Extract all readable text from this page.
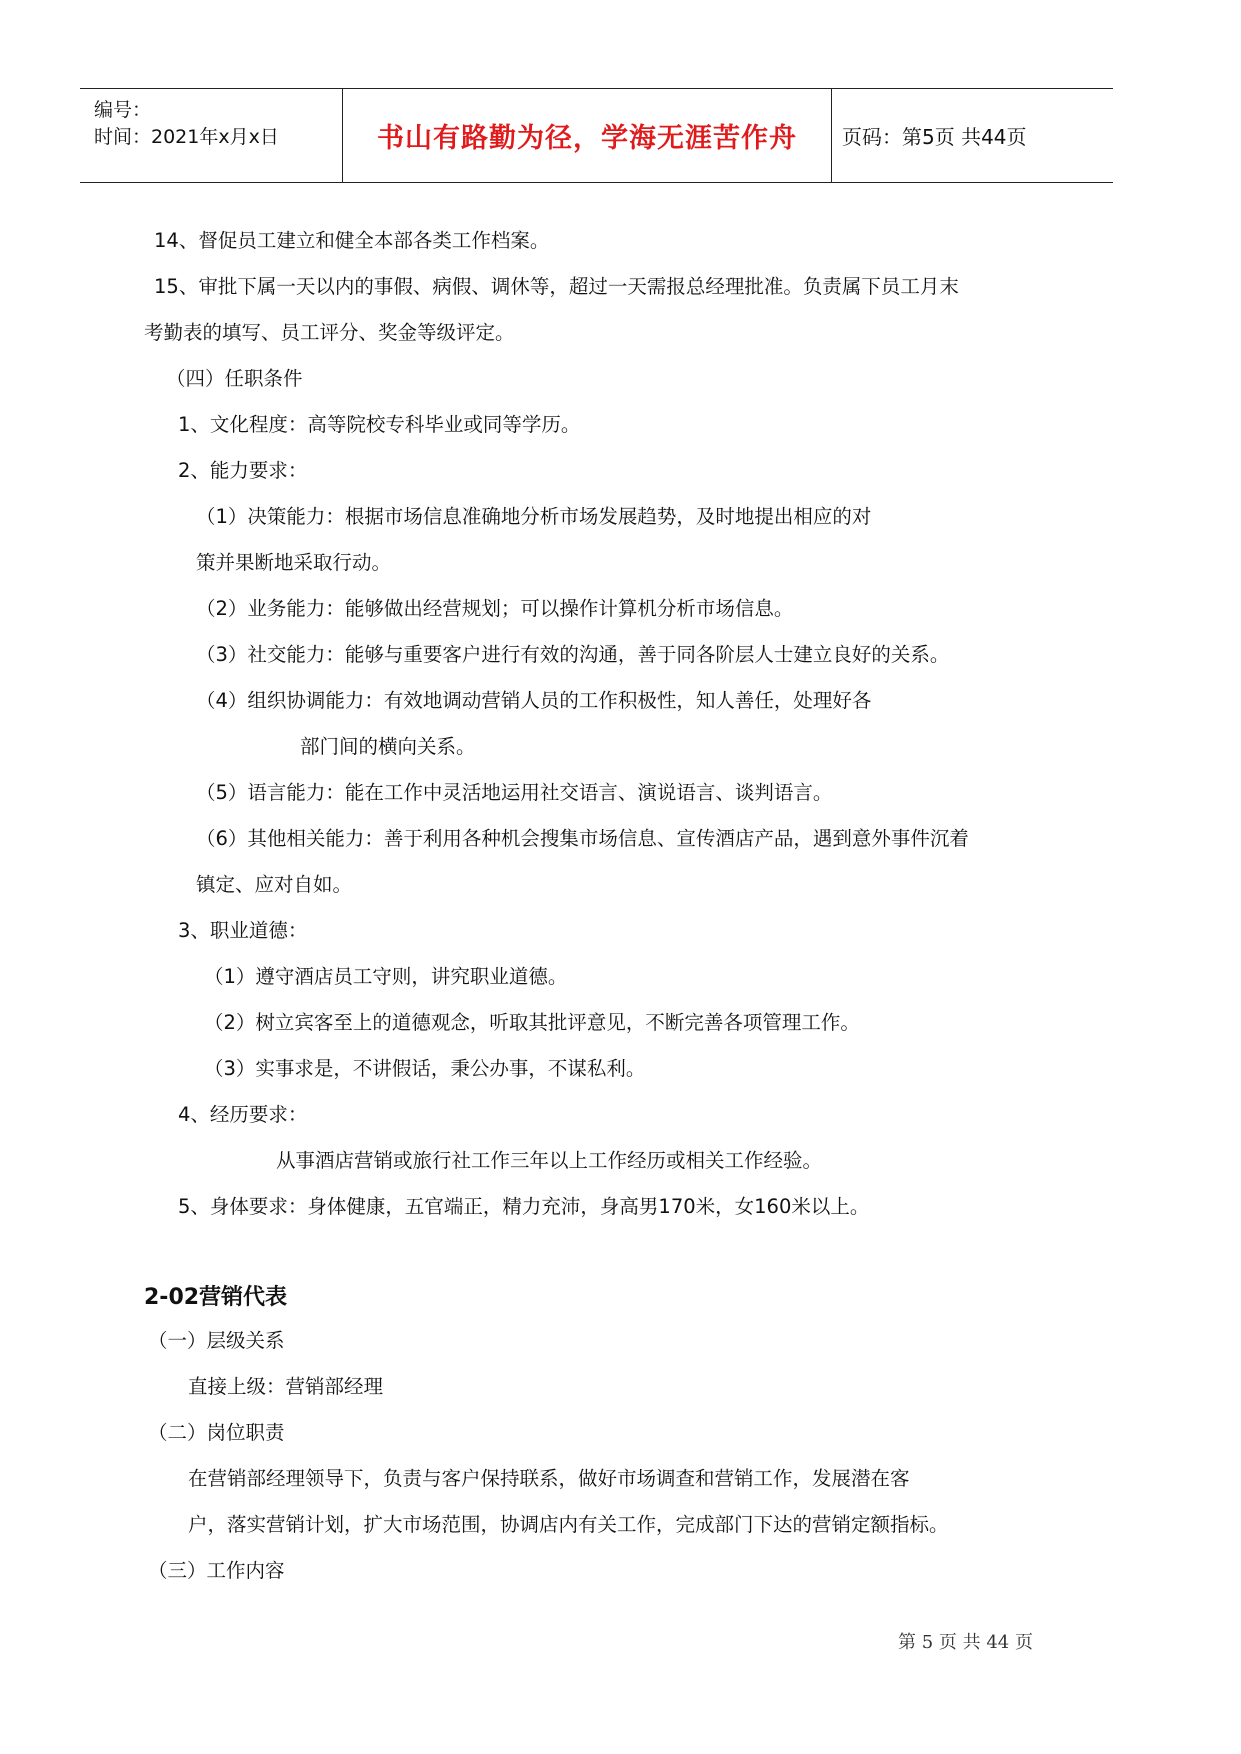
编号：
时间：2021年x月x日	书山有路勤为径，学海无涯苦作舟	页码：第5页 共44页
14、督促员工建立和健全本部各类工作档案。
15、审批下属一天以内的事假、病假、调休等，超过一天需报总经理批准。负责属下员工月末
考勤表的填写、员工评分、奖金等级评定。
（四）任职条件
1、文化程度：高等院校专科毕业或同等学历。
2、能力要求：
（1）决策能力：根据市场信息准确地分析市场发展趋势，及时地提出相应的对
策并果断地采取行动。
（2）业务能力：能够做出经营规划；可以操作计算机分析市场信息。
（3）社交能力：能够与重要客户进行有效的沟通，善于同各阶层人士建立良好的关系。
（4）组织协调能力：有效地调动营销人员的工作积极性，知人善任，处理好各
部门间的横向关系。
（5）语言能力：能在工作中灵活地运用社交语言、演说语言、谈判语言。
（6）其他相关能力：善于利用各种机会搜集市场信息、宣传酒店产品，遇到意外事件沉着
镇定、应对自如。
3、职业道德：
（1）遵守酒店员工守则，讲究职业道德。
（2）树立宾客至上的道德观念，听取其批评意见，不断完善各项管理工作。
（3）实事求是，不讲假话，秉公办事，不谋私利。
4、经历要求：
从事酒店营销或旅行社工作三年以上工作经历或相关工作经验。
5、身体要求：身体健康，五官端正，精力充沛，身高男170米，女160米以上。
2-02营销代表
（一）层级关系
直接上级：营销部经理
（二）岗位职责
在营销部经理领导下，负责与客户保持联系，做好市场调查和营销工作，发展潜在客
户，落实营销计划，扩大市场范围，协调店内有关工作，完成部门下达的营销定额指标。
（三）工作内容
第 5 页 共 44 页
